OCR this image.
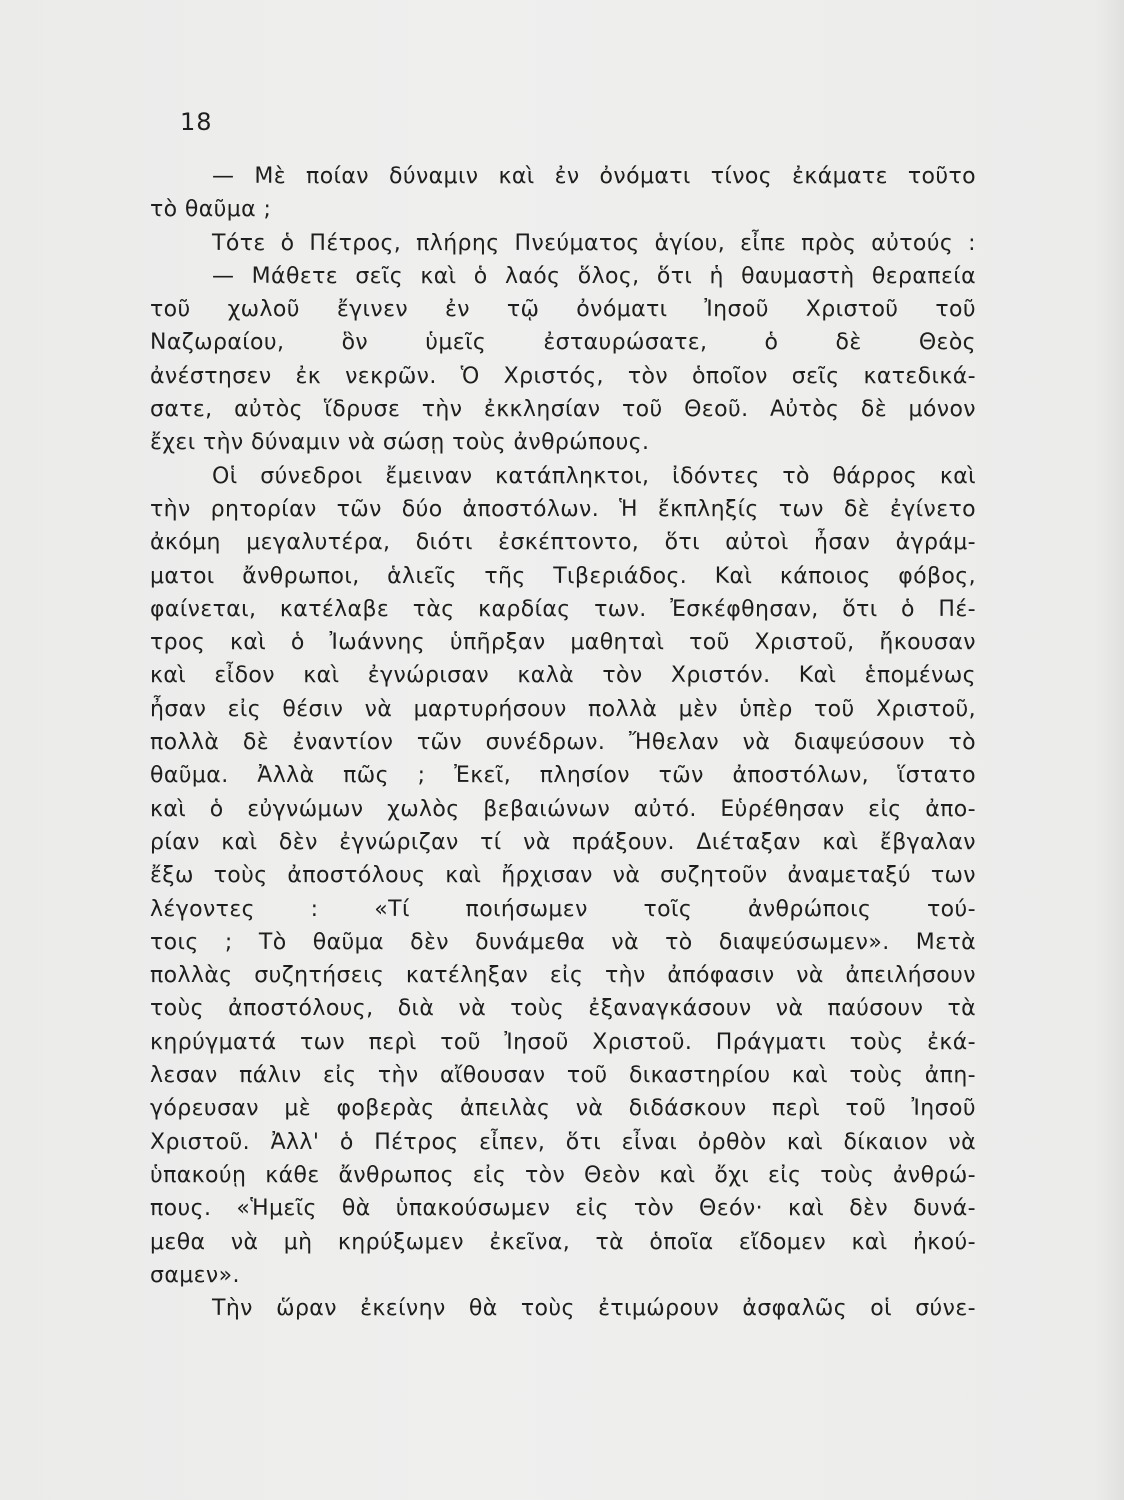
18
— Μὲ ποίαν δύναμιν καὶ ἐν ὀνόματι τίνος ἐκάματε τοῦτο
τὸ θαῦμα ;
Τότε ὁ Πέτρος, πλήρης Πνεύματος ἁγίου, εἶπε πρὸς αὐτούς :
— Μάθετε σεῖς καὶ ὁ λαός ὅλος, ὅτι ἡ θαυμαστὴ θεραπεία
τοῦ χωλοῦ ἔγινεν ἐν τῷ ὀνόματι Ἰησοῦ Χριστοῦ τοῦ
Ναζωραίου, ὃν ὑμεῖς ἐσταυρώσατε, ὁ δὲ Θεὸς
ἀνέστησεν ἐκ νεκρῶν. Ὁ Χριστός, τὸν ὁποῖον σεῖς κατεδικά-
σατε, αὐτὸς ἵδρυσε τὴν ἐκκλησίαν τοῦ Θεοῦ. Αὐτὸς δὲ μόνον
ἔχει τὴν δύναμιν νὰ σώσῃ τοὺς ἀνθρώπους.
Οἱ σύνεδροι ἔμειναν κατάπληκτοι, ἰδόντες τὸ θάρρος καὶ
τὴν ρητορίαν τῶν δύο ἀποστόλων. Ἡ ἔκπληξίς των δὲ ἐγίνετο
ἀκόμη μεγαλυτέρα, διότι ἐσκέπτοντο, ὅτι αὐτοὶ ἦσαν ἀγράμ-
ματοι ἄνθρωποι, ἁλιεῖς τῆς Τιβεριάδος. Καὶ κάποιος φόβος,
φαίνεται, κατέλαβε τὰς καρδίας των. Ἐσκέφθησαν, ὅτι ὁ Πέ-
τρος καὶ ὁ Ἰωάννης ὑπῆρξαν μαθηταὶ τοῦ Χριστοῦ, ἤκουσαν
καὶ εἶδον καὶ ἐγνώρισαν καλὰ τὸν Χριστόν. Καὶ ἑπομένως
ἦσαν εἰς θέσιν νὰ μαρτυρήσουν πολλὰ μὲν ὑπὲρ τοῦ Χριστοῦ,
πολλὰ δὲ ἐναντίον τῶν συνέδρων. Ἤθελαν νὰ διαψεύσουν τὸ
θαῦμα. Ἀλλὰ πῶς ; Ἐκεῖ, πλησίον τῶν ἀποστόλων, ἵστατο
καὶ ὁ εὐγνώμων χωλὸς βεβαιώνων αὐτό. Εὑρέθησαν εἰς ἀπο-
ρίαν καὶ δὲν ἐγνώριζαν τί νὰ πράξουν. Διέταξαν καὶ ἔβγαλαν
ἔξω τοὺς ἀποστόλους καὶ ἤρχισαν νὰ συζητοῦν ἀναμεταξύ των
λέγοντες : «Τί ποιήσωμεν τοῖς ἀνθρώποις τού-
τοις ; Τὸ θαῦμα δὲν δυνάμεθα νὰ τὸ διαψεύσωμεν». Μετὰ
πολλὰς συζητήσεις κατέληξαν εἰς τὴν ἀπόφασιν νὰ ἀπειλήσουν
τοὺς ἀποστόλους, διὰ νὰ τοὺς ἐξαναγκάσουν νὰ παύσουν τὰ
κηρύγματά των περὶ τοῦ Ἰησοῦ Χριστοῦ. Πράγματι τοὺς ἐκά-
λεσαν πάλιν εἰς τὴν αἴθουσαν τοῦ δικαστηρίου καὶ τοὺς ἀπη-
γόρευσαν μὲ φοβερὰς ἀπειλὰς νὰ διδάσκουν περὶ τοῦ Ἰησοῦ
Χριστοῦ. Ἀλλ' ὁ Πέτρος εἶπεν, ὅτι εἶναι ὀρθὸν καὶ δίκαιον νὰ
ὑπακούῃ κάθε ἄνθρωπος εἰς τὸν Θεὸν καὶ ὄχι εἰς τοὺς ἀνθρώ-
πους. «Ἡμεῖς θὰ ὑπακούσωμεν εἰς τὸν Θεόν· καὶ δὲν δυνά-
μεθα νὰ μὴ κηρύξωμεν ἐκεῖνα, τὰ ὁποῖα εἴδομεν καὶ ἠκού-
σαμεν».
Τὴν ὥραν ἐκείνην θὰ τοὺς ἐτιμώρουν ἀσφαλῶς οἱ σύνε-
